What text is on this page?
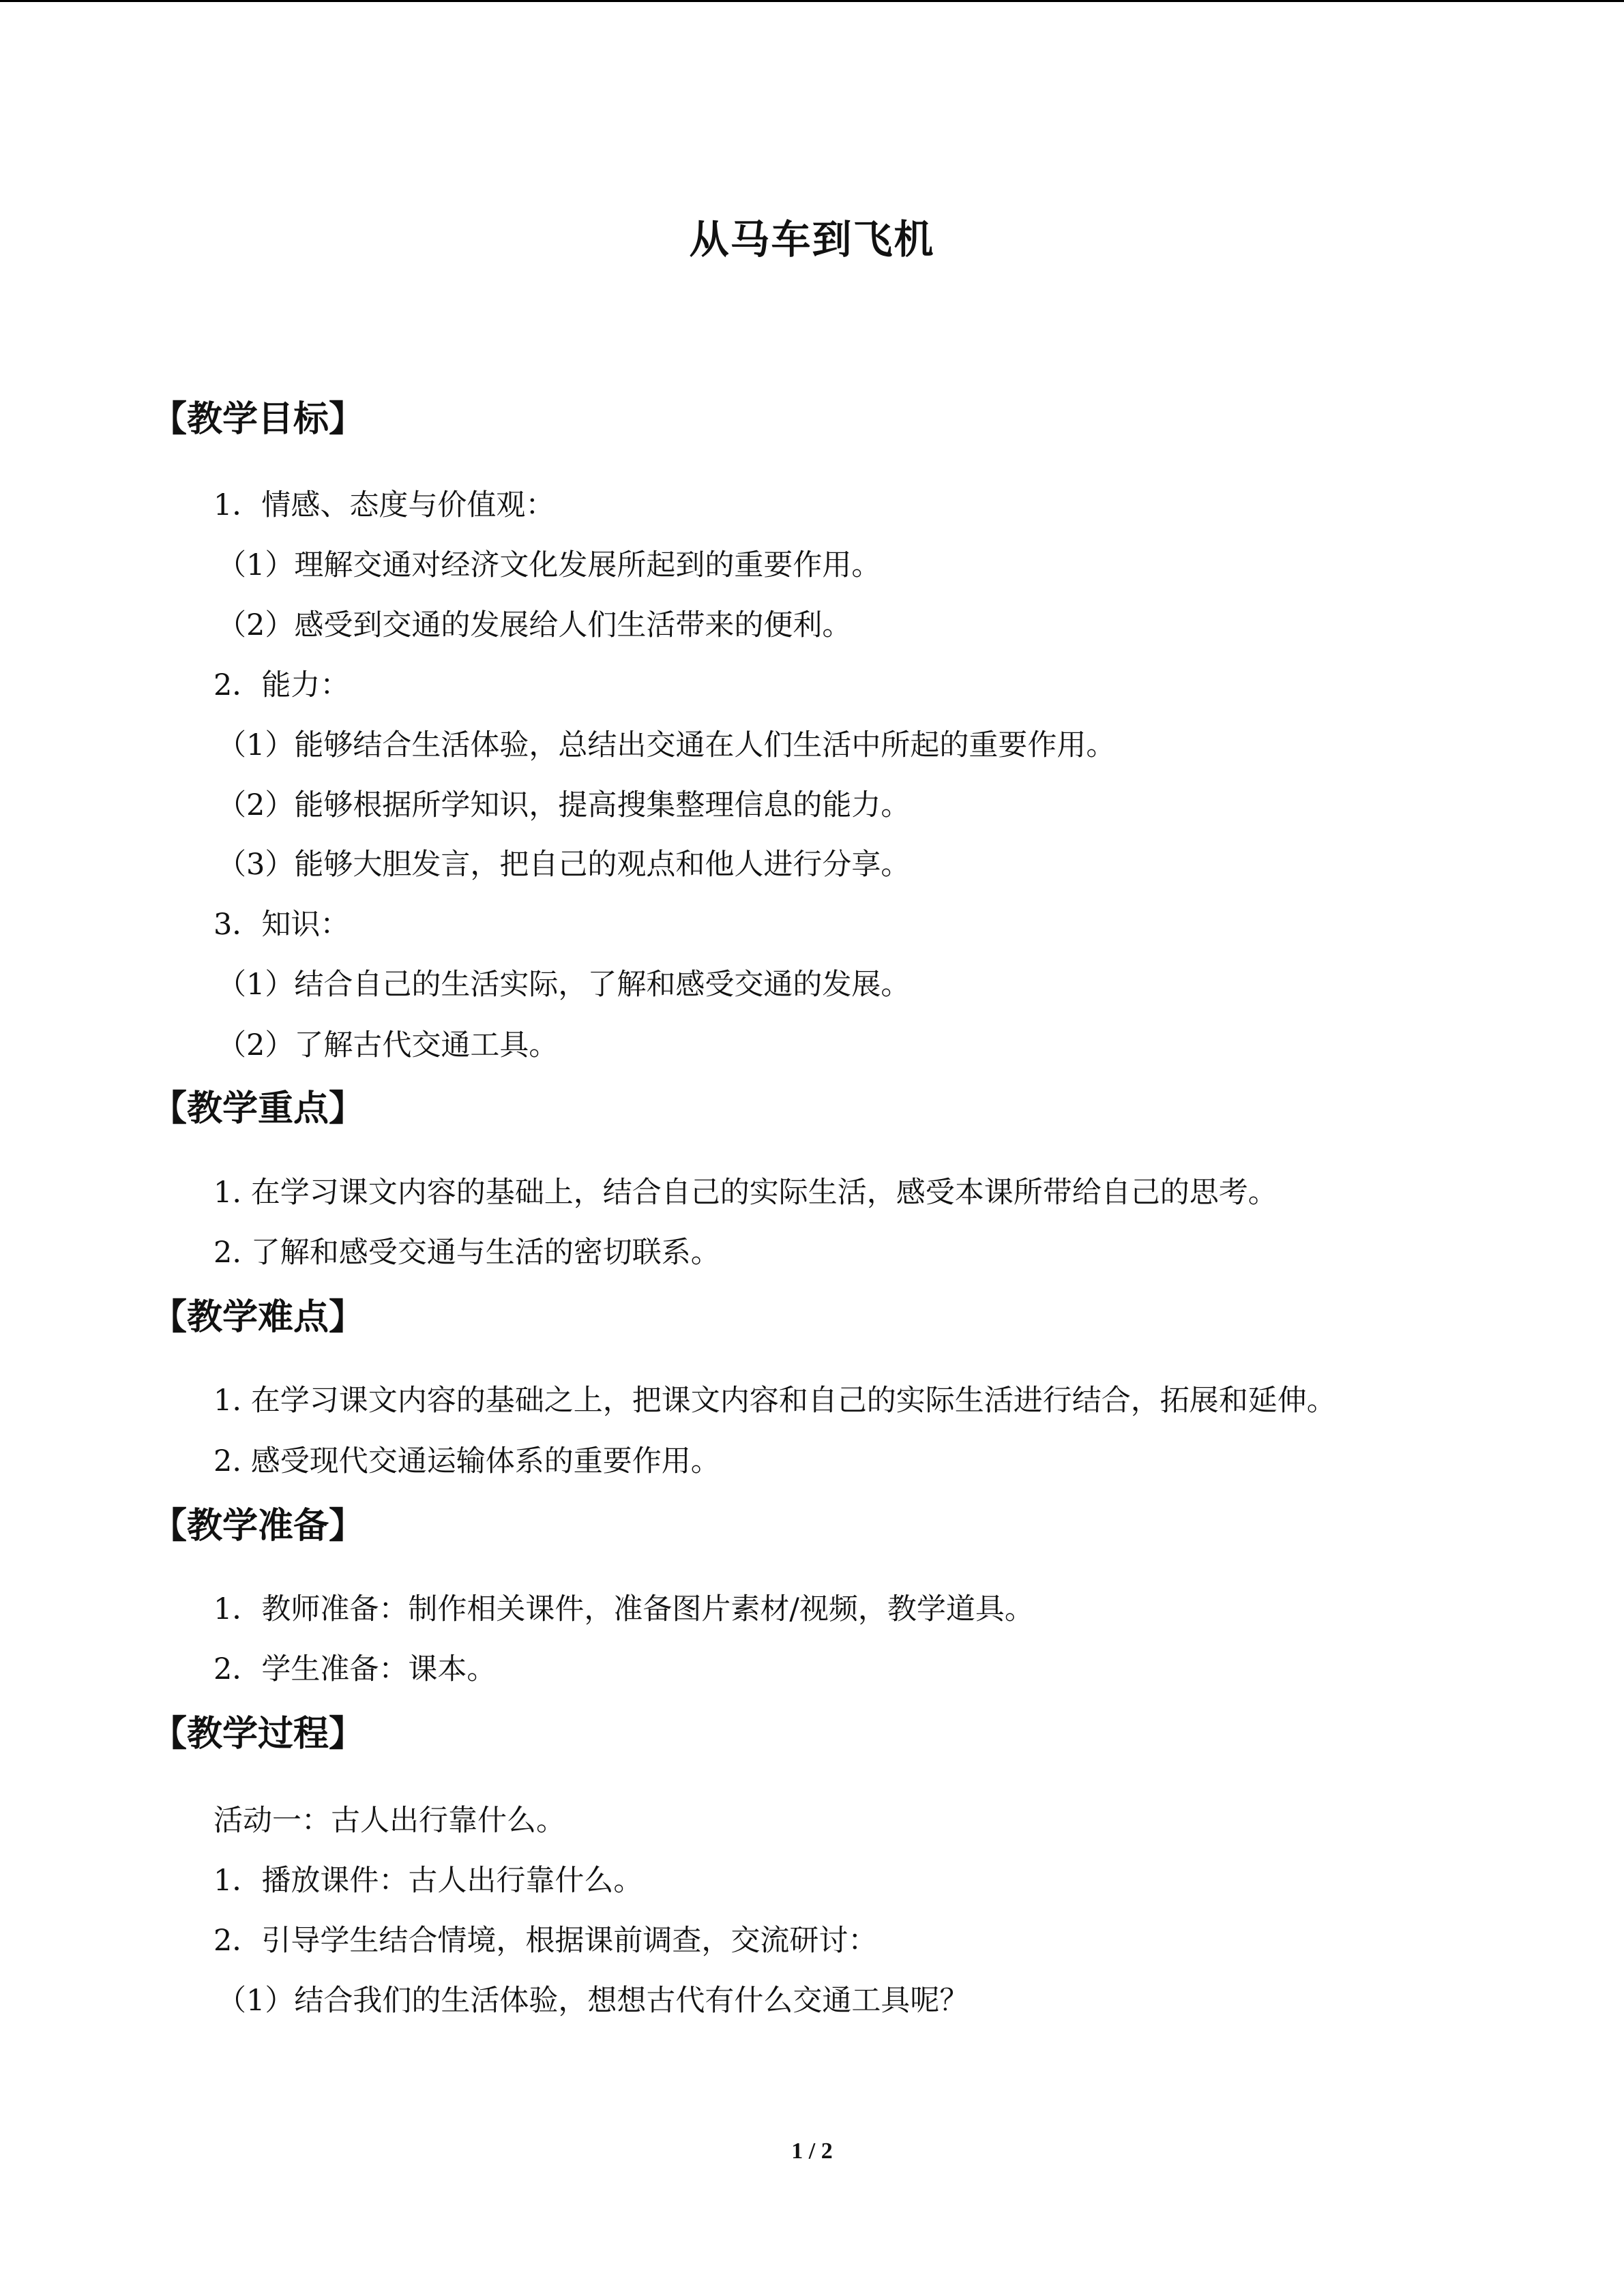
从马车到飞机
【教学目标】
1．情感、态度与价值观：
（1）理解交通对经济文化发展所起到的重要作用。
（2）感受到交通的发展给人们生活带来的便利。
2．能力：
（1）能够结合生活体验，总结出交通在人们生活中所起的重要作用。
（2）能够根据所学知识，提高搜集整理信息的能力。
（3）能够大胆发言，把自己的观点和他人进行分享。
3．知识：
（1）结合自己的生活实际，了解和感受交通的发展。
（2）了解古代交通工具。
【教学重点】
1. 在学习课文内容的基础上，结合自己的实际生活，感受本课所带给自己的思考。
2. 了解和感受交通与生活的密切联系。
【教学难点】
1. 在学习课文内容的基础之上，把课文内容和自己的实际生活进行结合，拓展和延伸。
2. 感受现代交通运输体系的重要作用。
【教学准备】
1．教师准备：制作相关课件，准备图片素材/视频，教学道具。
2．学生准备：课本。
【教学过程】
活动一：古人出行靠什么。
1．播放课件：古人出行靠什么。
2．引导学生结合情境，根据课前调查，交流研讨：
（1）结合我们的生活体验，想想古代有什么交通工具呢？
1 / 2
